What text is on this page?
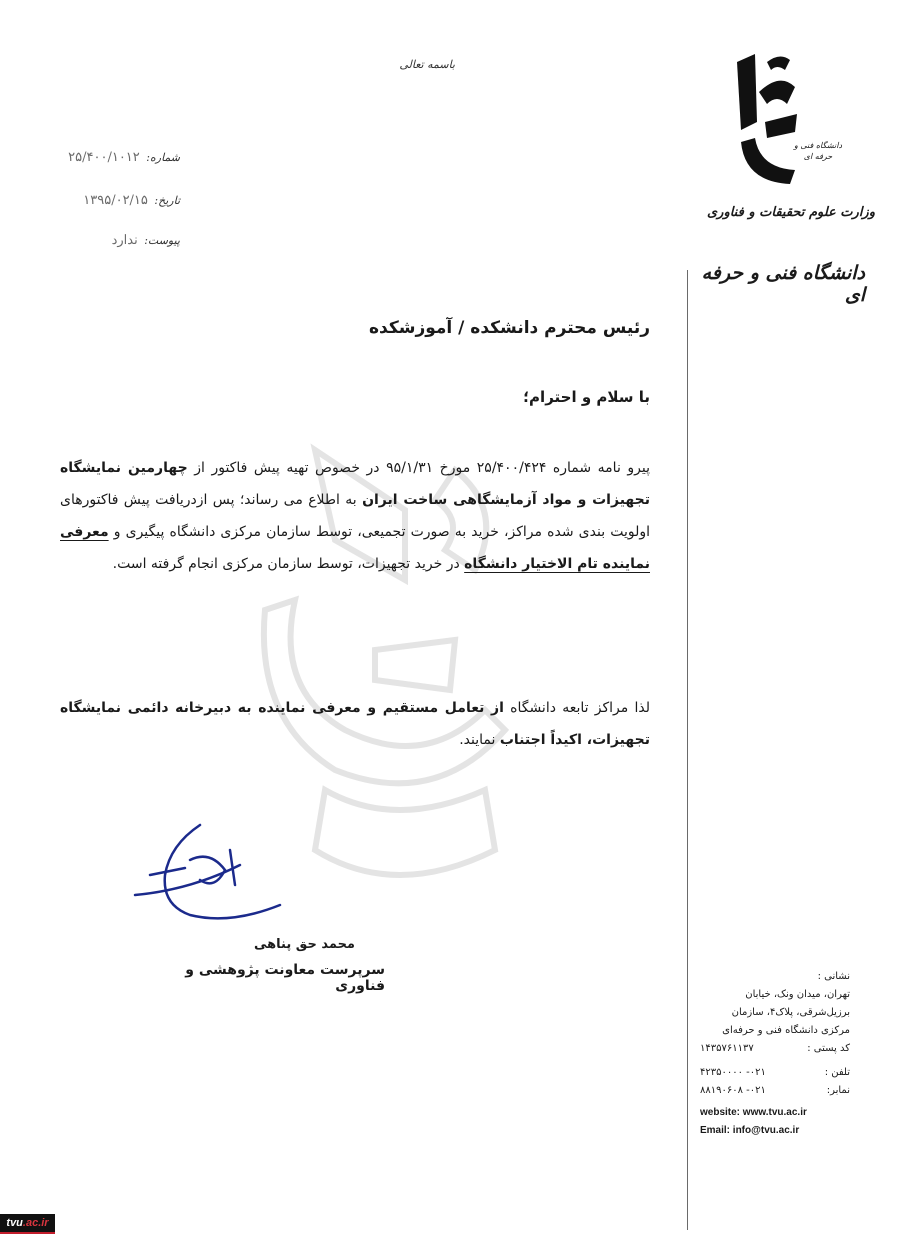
باسمه تعالی
شماره: ۲۵/۴۰۰/۱۰۱۲
تاریخ: ۱۳۹۵/۰۲/۱۵
پیوست: ندارد
دانشگاه فنی و حرفه ای
وزارت علوم تحقیقات و فناوری
دانشگاه فنی و حرفه ای
رئیس محترم دانشکده / آموزشکده
با سلام و احترام؛
پیرو نامه شماره ۲۵/۴۰۰/۴۲۴ مورخ ۹۵/۱/۳۱ در خصوص تهیه پیش فاکتور از چهارمین نمایشگاه تجهیزات و مواد آزمایشگاهی ساخت ایران به اطلاع می رساند؛ پس ازدریافت پیش فاکتورهای اولویت بندی شده مراکز، خرید به صورت تجمیعی، توسط سازمان مرکزی دانشگاه پیگیری و معرفی نماینده تام الاختیار دانشگاه در خرید تجهیزات، توسط سازمان مرکزی انجام گرفته است.
لذا مراکز تابعه دانشگاه از تعامل مستقیم و معرفی نماینده به دبیرخانه دائمی نمایشگاه تجهیزات، اکیداً اجتناب نمایند.
محمد حق پناهی
سرپرست معاونت پژوهشی و فناوری
نشانی :
تهران، میدان ونک، خیابان
برزیل‌شرقی، پلاک۴، سازمان
مرکزی دانشگاه فنی و حرفه‌ای
کد پستی :
۱۴۳۵۷۶۱۱۳۷
تلفن :
۰۲۱- ۴۲۳۵۰۰۰۰
نمابر:
۰۲۱- ۸۸۱۹۰۶۰۸
website: www.tvu.ac.ir
Email: info@tvu.ac.ir
tvu.ac.ir
